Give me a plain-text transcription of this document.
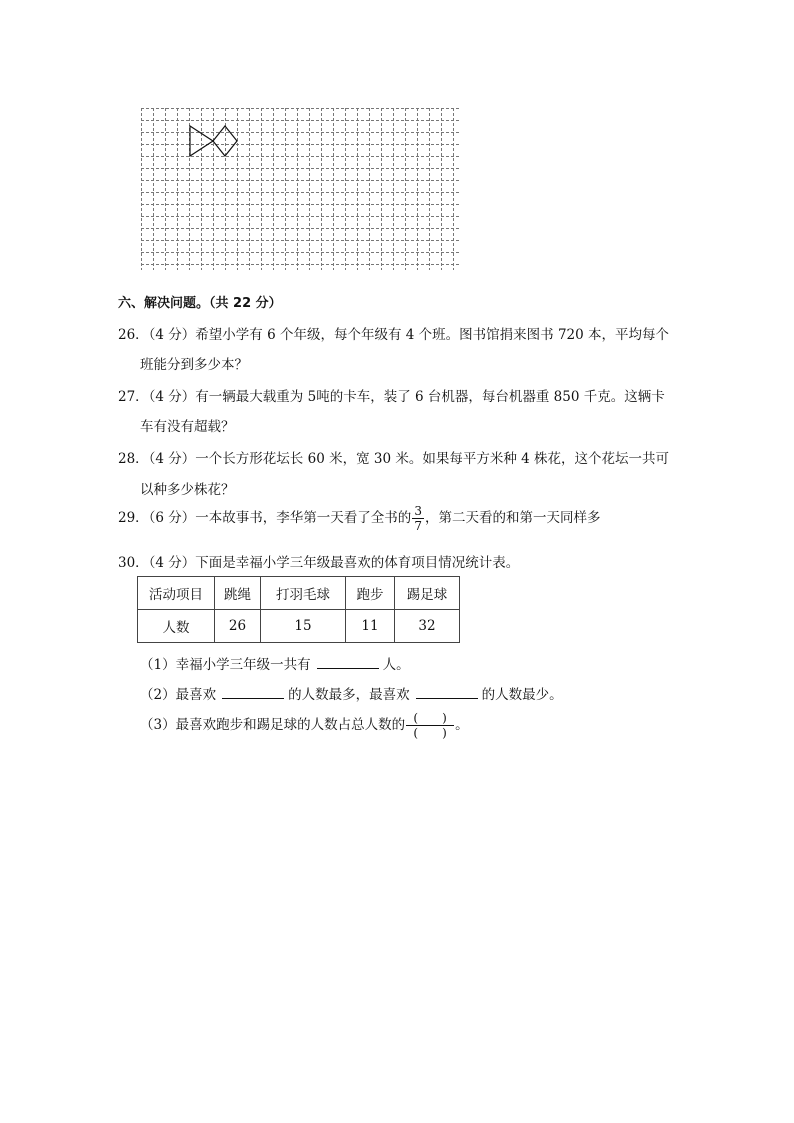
六、解决问题。（共 22 分）
26．（4 分）希望小学有 6 个年级，每个年级有 4 个班。图书馆捐来图书 720 本，平均每个
班能分到多少本？
27．（4 分）有一辆最大载重为 5吨的卡车，装了 6 台机器，每台机器重 850 千克。这辆卡
车有没有超载？
28．（4 分）一个长方形花坛长 60 米，宽 30 米。如果每平方米种 4 株花，这个花坛一共可
以种多少株花？
29．（6 分）一本故事书，李华第一天看了全书的 $\frac{3}{7}$ ，第二天看的和第一天同样多
30．（4 分）下面是幸福小学三年级最喜欢的体育项目情况统计表。
活动项目	跳绳	打羽毛球	跑步	踢足球
人数	26	15	11	32
（1）幸福小学三年级一共有	人。
（2）最喜欢	的人数最多，最喜欢	的人数最少。
（3）最喜欢跑步和踢足球的人数占总人数的 $\frac{( )}{( )}$ 。
